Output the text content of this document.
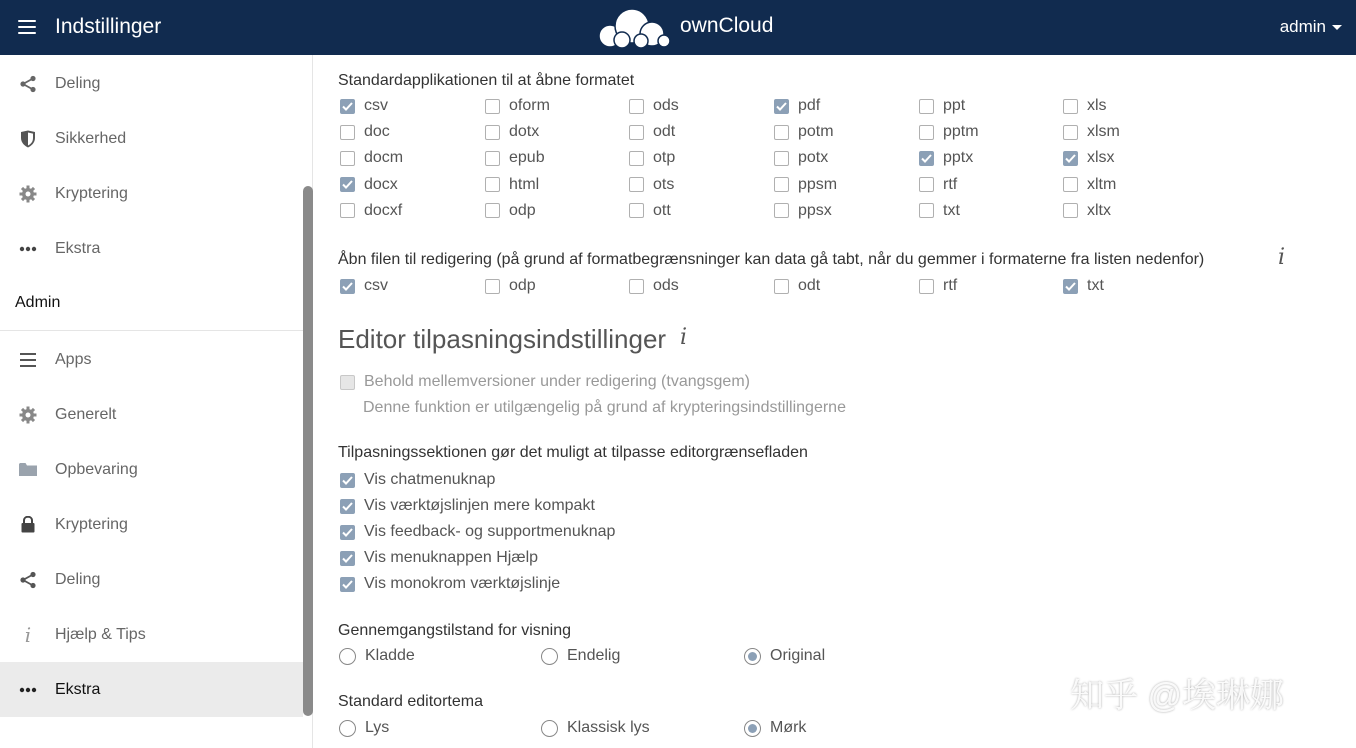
Indstillinger	ownCloud	admin
Deling
Sikkerhed
Kryptering
Ekstra
Admin
Apps
Generelt
Opbevaring
Kryptering
Deling
i	Hjælp & Tips
Ekstra
Standardapplikationen til at åbne formatet
csv	oform	ods	pdf	ppt	xls
doc	dotx	odt	potm	pptm	xlsm
docm	epub	otp	potx	pptx	xlsx
docx	html	ots	ppsm	rtf	xltm
docxf	odp	ott	ppsx	txt	xltx
Åbn filen til redigering (på grund af formatbegrænsninger kan data gå tabt, når du gemmer i formaterne fra listen nedenfor)	i
csv	odp	ods	odt	rtf	txt
Editor tilpasningsindstillinger i
Behold mellemversioner under redigering (tvangsgem)
Denne funktion er utilgængelig på grund af krypteringsindstillingerne
Tilpasningssektionen gør det muligt at tilpasse editorgrænsefladen
Vis chatmenuknap
Vis værktøjslinjen mere kompakt
Vis feedback- og supportmenuknap
Vis menuknappen Hjælp
Vis monokrom værktøjslinje
Gennemgangstilstand for visning
Kladde	Endelig	Original
Standard editortema
Lys	Klassisk lys	Mørk
知乎 @埃琳娜
